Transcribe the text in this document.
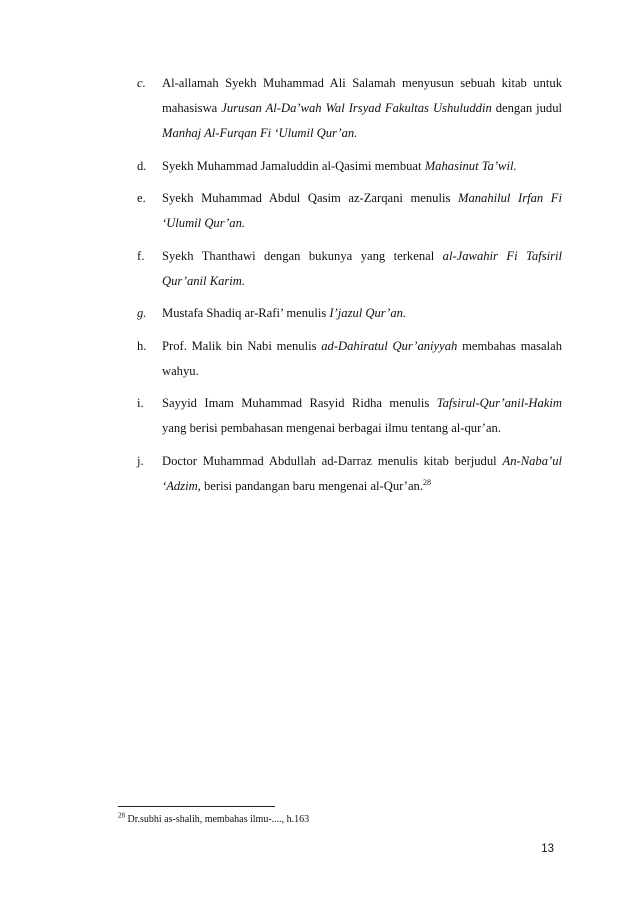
c. Al-allamah Syekh Muhammad Ali Salamah menyusun sebuah kitab untuk mahasiswa Jurusan Al-Da’wah Wal Irsyad Fakultas Ushuluddin dengan judul Manhaj Al-Furqan Fi ‘Ulumil Qur’an.
d. Syekh Muhammad Jamaluddin al-Qasimi membuat Mahasinut Ta’wil.
e. Syekh Muhammad Abdul Qasim az-Zarqani menulis Manahilul Irfan Fi ‘Ulumil Qur’an.
f. Syekh Thanthawi dengan bukunya yang terkenal al-Jawahir Fi Tafsiril Qur’anil Karim.
g. Mustafa Shadiq ar-Rafi’ menulis I’jazul Qur’an.
h. Prof. Malik bin Nabi menulis ad-Dahiratul Qur’aniyyah membahas masalah wahyu.
i. Sayyid Imam Muhammad Rasyid Ridha menulis Tafsirul-Qur’anil-Hakim yang berisi pembahasan mengenai berbagai ilmu tentang al-qur’an.
j. Doctor Muhammad Abdullah ad-Darraz menulis kitab berjudul An-Naba’ul ‘Adzim, berisi pandangan baru mengenai al-Qur’an.$^{28}$
$^{28}$ Dr.subhi as-shalih, membahas ilmu-...., h.163
13
